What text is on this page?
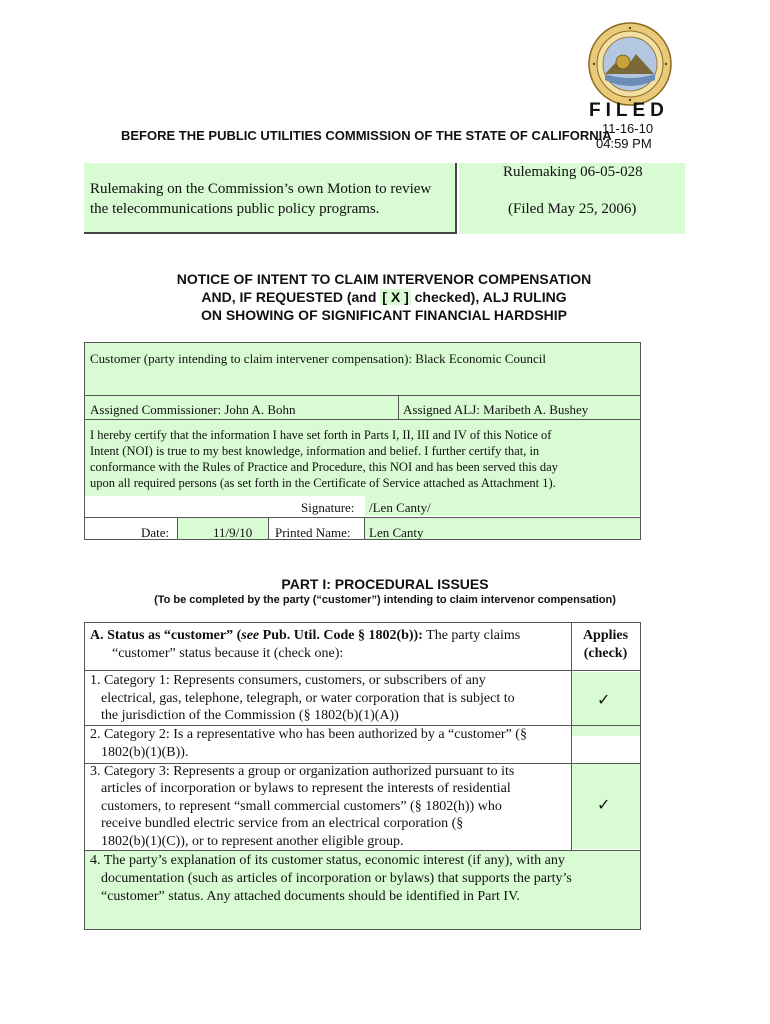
FILED
11-16-10
04:59 PM
BEFORE THE PUBLIC UTILITIES COMMISSION OF THE STATE OF CALIFORNIA
Rulemaking on the Commission’s own Motion to review
the telecommunications public policy programs.
Rulemaking 06-05-028
(Filed May 25, 2006)
NOTICE OF INTENT TO CLAIM INTERVENOR COMPENSATION
AND, IF REQUESTED (and [ X ] checked), ALJ RULING
ON SHOWING OF SIGNIFICANT FINANCIAL HARDSHIP
Customer (party intending to claim intervener compensation): Black Economic Council
Assigned Commissioner: John A. Bohn	Assigned ALJ: Maribeth A. Bushey
I hereby certify that the information I have set forth in Parts I, II, III and IV of this Notice of
Intent (NOI) is true to my best knowledge, information and belief. I further certify that, in
conformance with the Rules of Practice and Procedure, this NOI and has been served this day
upon all required persons (as set forth in the Certificate of Service attached as Attachment 1).
Signature: /Len Canty/
Date:	11/9/10 Printed Name: Len Canty
PART I: PROCEDURAL ISSUES
(To be completed by the party (“customer”) intending to claim intervenor compensation)
A. Status as “customer” (see Pub. Util. Code § 1802(b)): The party claims
“customer” status because it (check one):
Applies
(check)
1. Category 1: Represents consumers, customers, or subscribers of any
electrical, gas, telephone, telegraph, or water corporation that is subject to
the jurisdiction of the Commission (§ 1802(b)(1)(A))
✓
2. Category 2: Is a representative who has been authorized by a “customer” (§
1802(b)(1)(B)).
3. Category 3: Represents a group or organization authorized pursuant to its
articles of incorporation or bylaws to represent the interests of residential
customers, to represent “small commercial customers” (§ 1802(h)) who
receive bundled electric service from an electrical corporation (§
1802(b)(1)(C)), or to represent another eligible group.
✓
4. The party’s explanation of its customer status, economic interest (if any), with any
documentation (such as articles of incorporation or bylaws) that supports the party’s
“customer” status. Any attached documents should be identified in Part IV.
